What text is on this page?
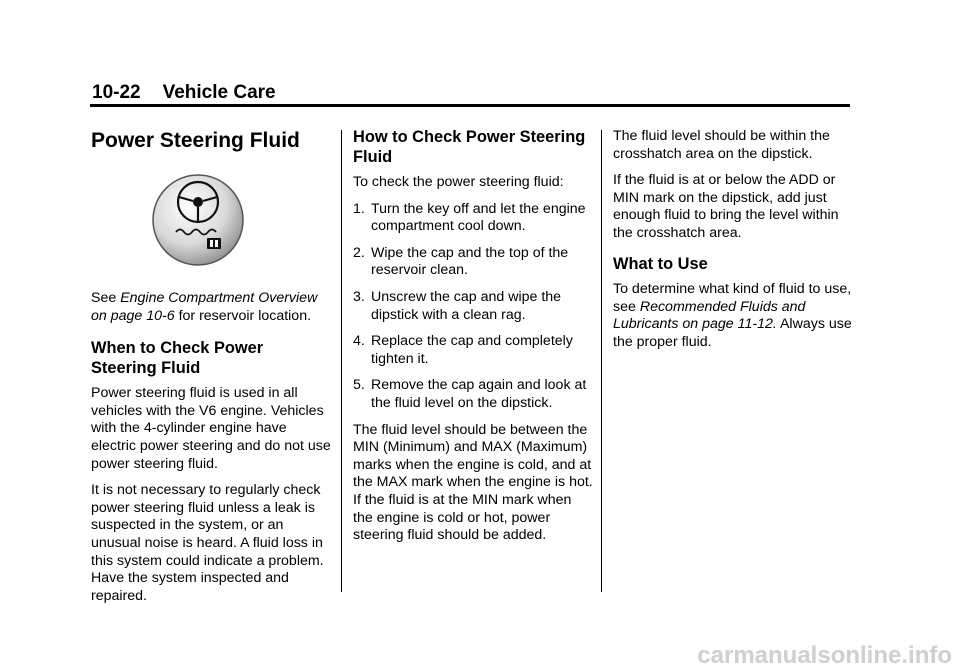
10-22 Vehicle Care
Power Steering Fluid

See Engine Compartment Overview on page 10-6 for reservoir location.

When to Check Power Steering Fluid

Power steering fluid is used in all vehicles with the V6 engine. Vehicles with the 4-cylinder engine have electric power steering and do not use power steering fluid.

It is not necessary to regularly check power steering fluid unless a leak is suspected in the system, or an unusual noise is heard. A fluid loss in this system could indicate a problem. Have the system inspected and repaired.

How to Check Power Steering Fluid

To check the power steering fluid:

1. Turn the key off and let the engine compartment cool down.
2. Wipe the cap and the top of the reservoir clean.
3. Unscrew the cap and wipe the dipstick with a clean rag.
4. Replace the cap and completely tighten it.
5. Remove the cap again and look at the fluid level on the dipstick.

The fluid level should be between the MIN (Minimum) and MAX (Maximum) marks when the engine is cold, and at the MAX mark when the engine is hot. If the fluid is at the MIN mark when the engine is cold or hot, power steering fluid should be added.

The fluid level should be within the crosshatch area on the dipstick.

If the fluid is at or below the ADD or MIN mark on the dipstick, add just enough fluid to bring the level within the crosshatch area.

What to Use

To determine what kind of fluid to use, see Recommended Fluids and Lubricants on page 11-12. Always use the proper fluid.

carmanualsonline.info
